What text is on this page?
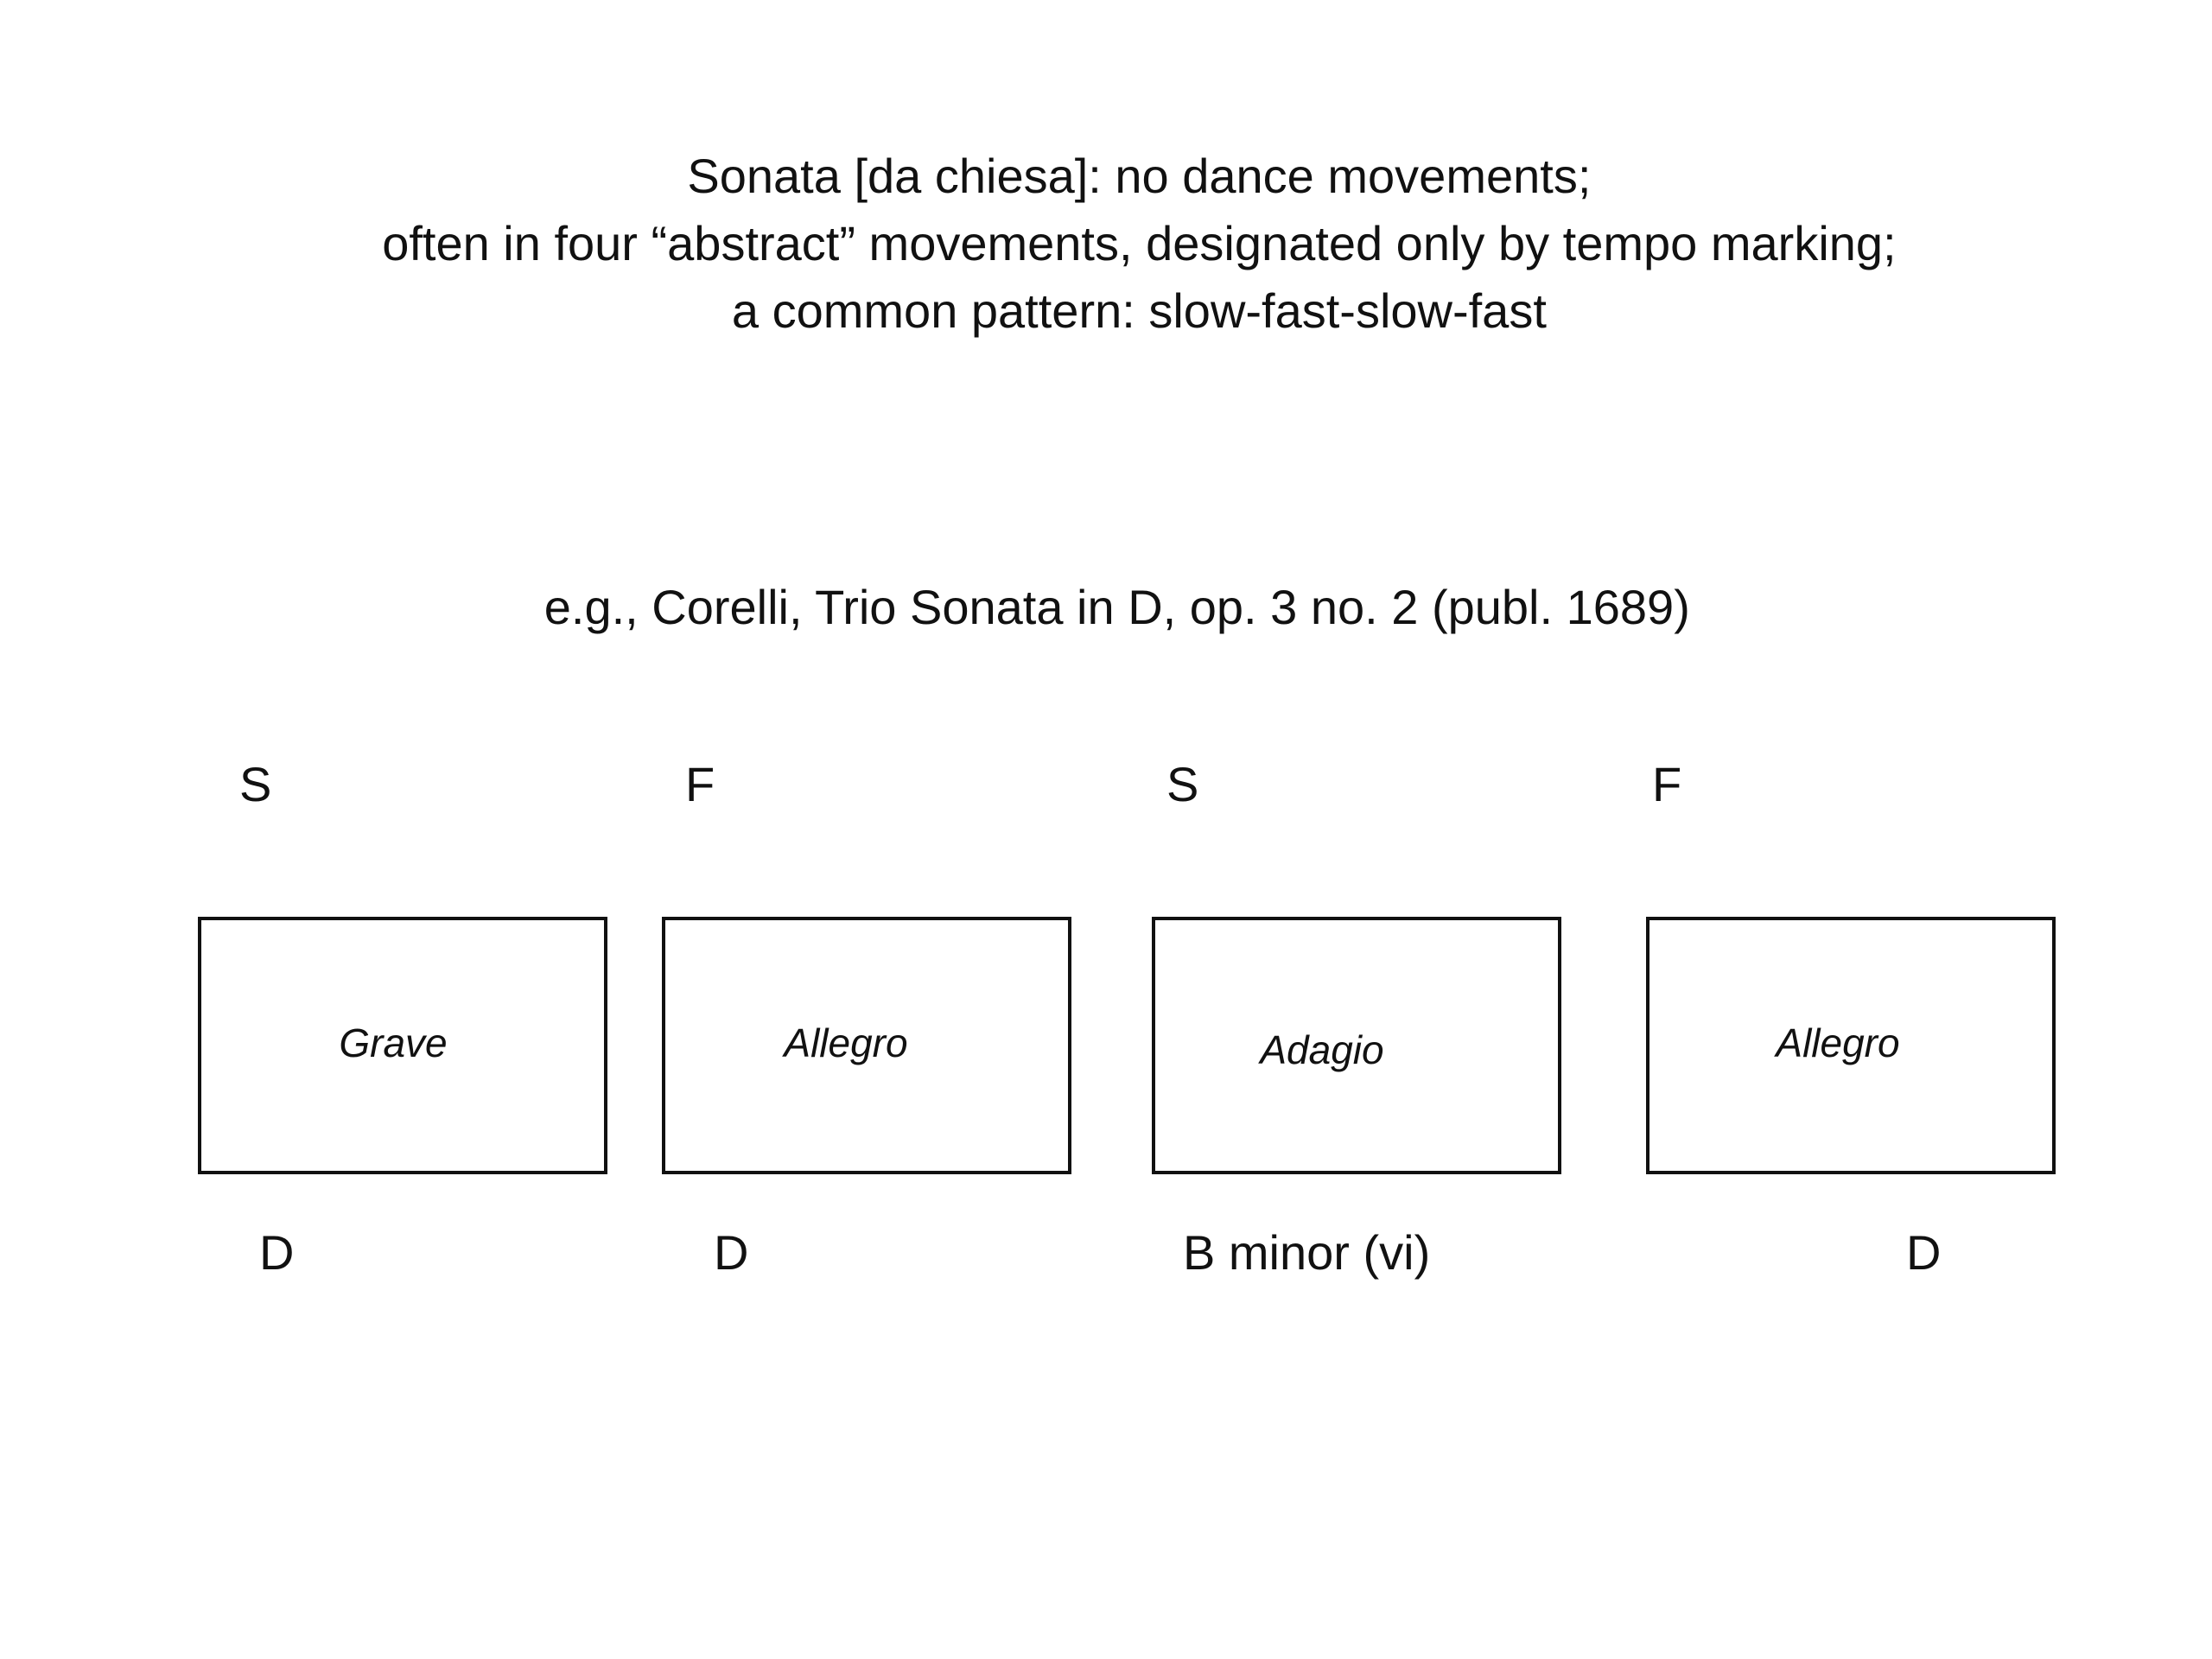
Sonata [da chiesa]: no dance movements;
often in four “abstract” movements, designated only by tempo marking;
a common pattern: slow-fast-slow-fast
e.g., Corelli, Trio Sonata in D, op. 3 no. 2 (publ. 1689)
S
Grave
D
F
Allegro
D
S
Adagio
B minor (vi)
F
Allegro
D
